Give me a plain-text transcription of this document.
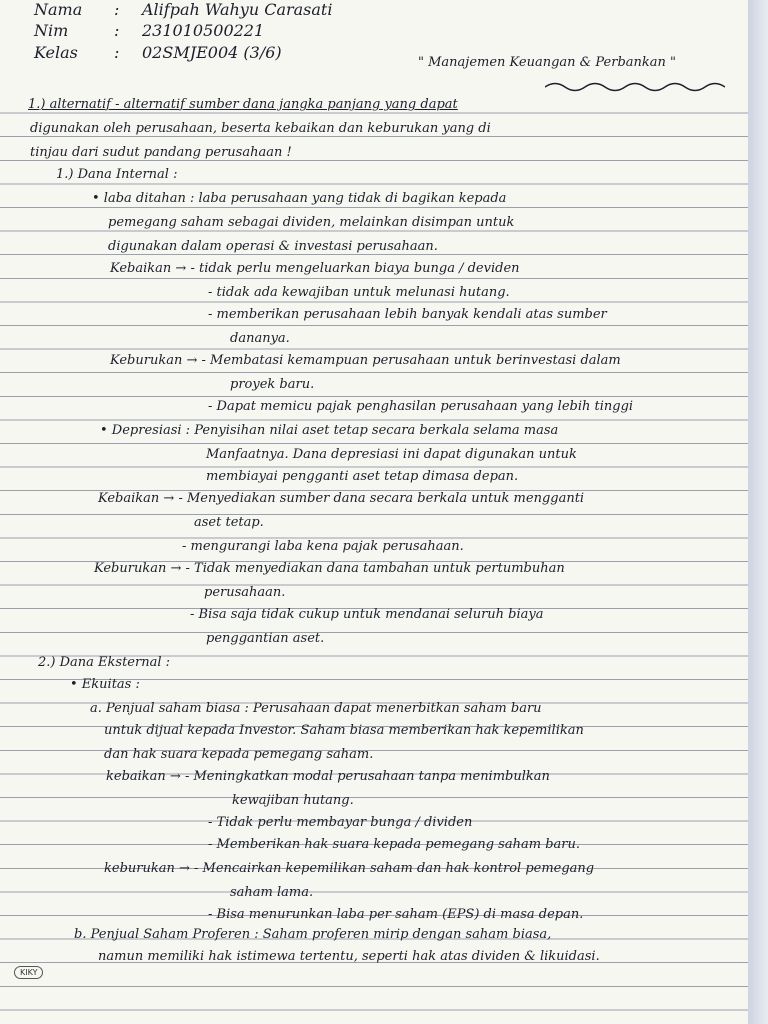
Nama : Alifpah Wahyu Carasati
Nim	: 231010500221
Kelas : 02SMJE004 (3/6)
" Manajemen Keuangan & Perbankan "
1.) alternatif - alternatif sumber dana jangka panjang yang dapat
digunakan oleh perusahaan, beserta kebaikan dan keburukan yang di
tinjau dari sudut pandang perusahaan !
1.) Dana Internal :
• laba ditahan : laba perusahaan yang tidak di bagikan kepada
pemegang saham sebagai dividen, melainkan disimpan untuk
digunakan dalam operasi & investasi perusahaan.
Kebaikan → - tidak perlu mengeluarkan biaya bunga / deviden
- tidak ada kewajiban untuk melunasi hutang.
- memberikan perusahaan lebih banyak kendali atas sumber
dananya.
Keburukan → - Membatasi kemampuan perusahaan untuk berinvestasi dalam
proyek baru.
- Dapat memicu pajak penghasilan perusahaan yang lebih tinggi
• Depresiasi : Penyisihan nilai aset tetap secara berkala selama masa
Manfaatnya. Dana depresiasi ini dapat digunakan untuk
membiayai pengganti aset tetap dimasa depan.
Kebaikan → - Menyediakan sumber dana secara berkala untuk mengganti
aset tetap.
- mengurangi laba kena pajak perusahaan.
Keburukan → - Tidak menyediakan dana tambahan untuk pertumbuhan
perusahaan.
- Bisa saja tidak cukup untuk mendanai seluruh biaya
penggantian aset.
2.) Dana Eksternal :
• Ekuitas :
a. Penjual saham biasa : Perusahaan dapat menerbitkan saham baru
untuk dijual kepada Investor. Saham biasa memberikan hak kepemilikan
dan hak suara kepada pemegang saham.
kebaikan → - Meningkatkan modal perusahaan tanpa menimbulkan
kewajiban hutang.
- Tidak perlu membayar bunga / dividen
- Memberikan hak suara kepada pemegang saham baru.
keburukan → - Mencairkan kepemilikan saham dan hak kontrol pemegang
saham lama.
- Bisa menurunkan laba per saham (EPS) di masa depan.
b. Penjual Saham Proferen : Saham proferen mirip dengan saham biasa,
namun memiliki hak istimewa tertentu, seperti hak atas dividen & likuidasi.
KIKY
